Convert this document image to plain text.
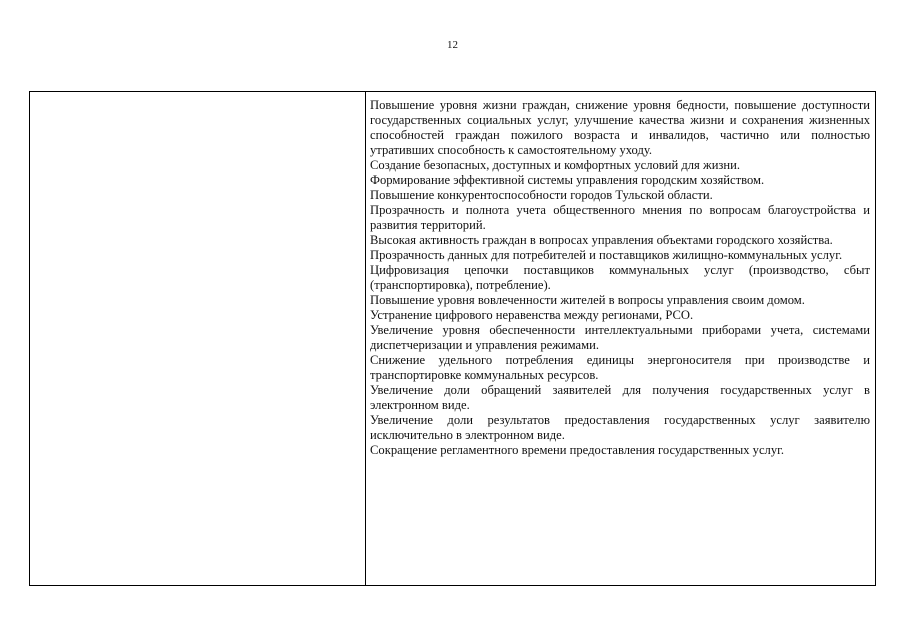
12

Повышение уровня жизни граждан, снижение уровня бедности, повышение доступности государственных социальных услуг, улучшение качества жизни и сохранения жизненных способностей граждан пожилого возраста и инвалидов, частично или полностью утративших способность к самостоятельному уходу.

Создание безопасных, доступных и комфортных условий для жизни.

Формирование эффективной системы управления городским хозяйством.

Повышение конкурентоспособности городов Тульской области.

Прозрачность и полнота учета общественного мнения по вопросам благоустройства и развития территорий.

Высокая активность граждан в вопросах управления объектами городского хозяйства.

Прозрачность данных для потребителей и поставщиков жилищно-коммунальных услуг.

Цифровизация цепочки поставщиков коммунальных услуг (производство, сбыт (транспортировка), потребление).

Повышение уровня вовлеченности жителей в вопросы управления своим домом.

Устранение цифрового неравенства между регионами, РСО.

Увеличение уровня обеспеченности интеллектуальными приборами учета, системами диспетчеризации и управления режимами.

Снижение удельного потребления единицы энергоносителя при производстве и транспортировке коммунальных ресурсов.

Увеличение доли обращений заявителей для получения государственных услуг в электронном виде.

Увеличение доли результатов предоставления государственных услуг заявителю исключительно в электронном виде.

Сокращение регламентного времени предоставления государственных услуг.
